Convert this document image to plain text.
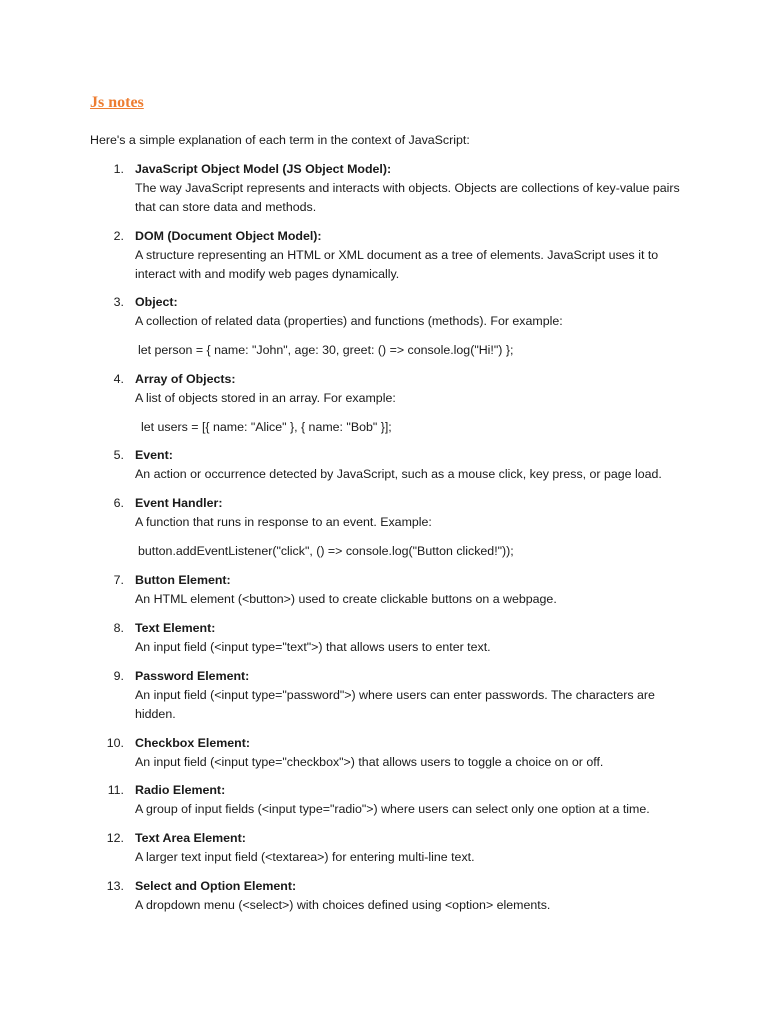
Js notes

Here's a simple explanation of each term in the context of JavaScript:

1. JavaScript Object Model (JS Object Model):
The way JavaScript represents and interacts with objects. Objects are collections of key-value pairs that can store data and methods.
2. DOM (Document Object Model):
A structure representing an HTML or XML document as a tree of elements. JavaScript uses it to interact with and modify web pages dynamically.
3. Object:
A collection of related data (properties) and functions (methods). For example:
let person = { name: "John", age: 30, greet: () => console.log("Hi!") };
4. Array of Objects:
A list of objects stored in an array. For example:
let users = [{ name: "Alice" }, { name: "Bob" }];
5. Event:
An action or occurrence detected by JavaScript, such as a mouse click, key press, or page load.
6. Event Handler:
A function that runs in response to an event. Example:
button.addEventListener("click", () => console.log("Button clicked!"));
7. Button Element:
An HTML element (<button>) used to create clickable buttons on a webpage.
8. Text Element:
An input field (<input type="text">) that allows users to enter text.
9. Password Element:
An input field (<input type="password">) where users can enter passwords. The characters are hidden.
10. Checkbox Element:
An input field (<input type="checkbox">) that allows users to toggle a choice on or off.
11. Radio Element:
A group of input fields (<input type="radio">) where users can select only one option at a time.
12. Text Area Element:
A larger text input field (<textarea>) for entering multi-line text.
13. Select and Option Element:
A dropdown menu (<select>) with choices defined using <option> elements.
